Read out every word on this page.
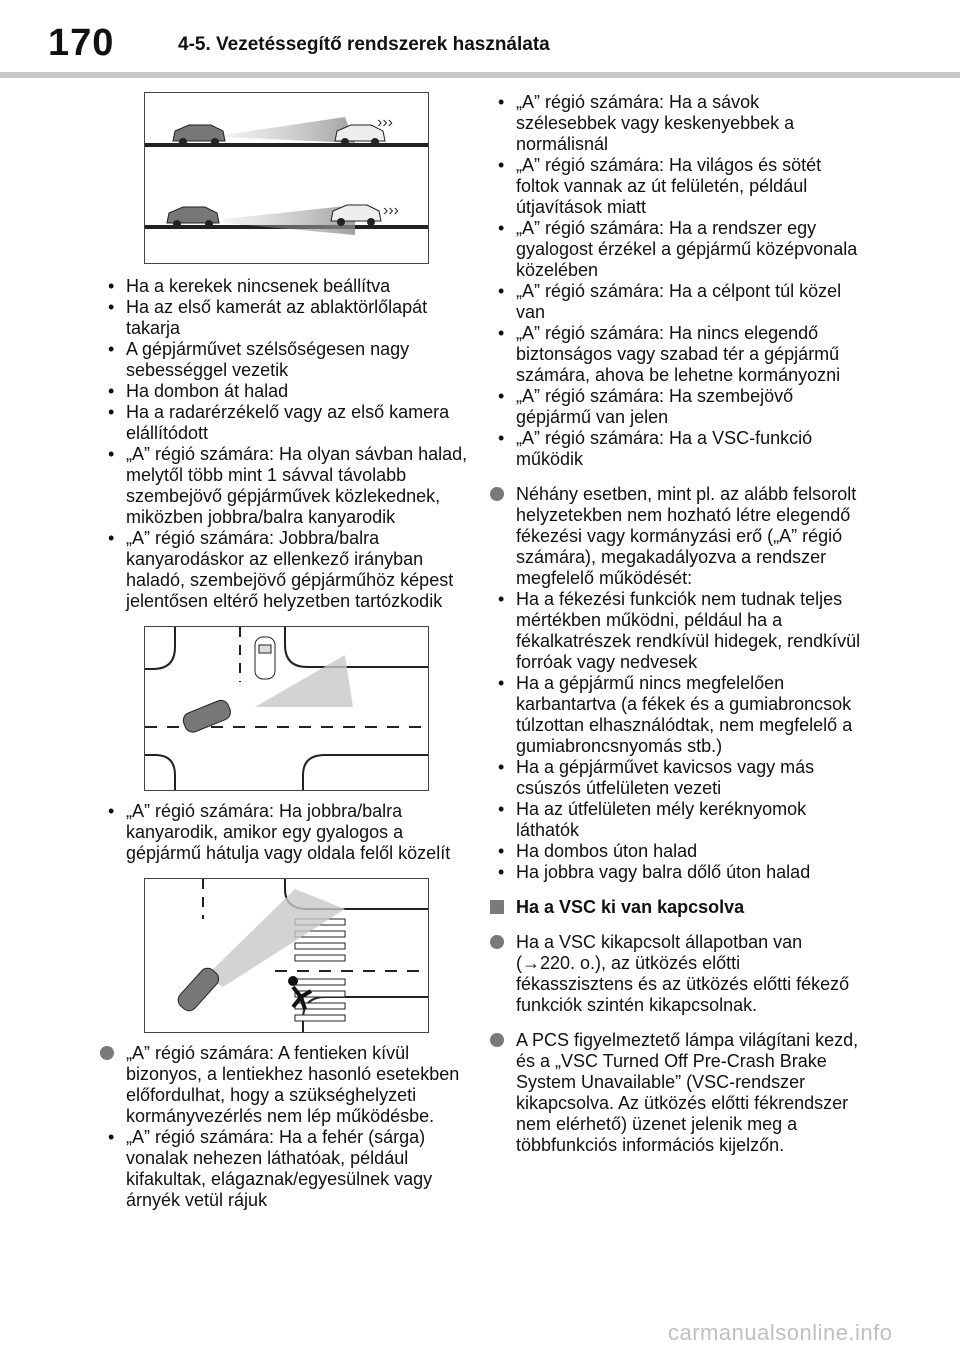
170	4-5. Vezetéssegítő rendszerek használata
›››
›››
• Ha a kerekek nincsenek beállítva
• Ha az első kamerát az ablaktörlőlapát takarja
• A gépjárművet szélsőségesen nagy sebességgel vezetik
• Ha dombon át halad
• Ha a radarérzékelő vagy az első kamera elállítódott
• „A” régió számára: Ha olyan sávban halad, melytől több mint 1 sávval távolabb szembejövő gépjárművek közlekednek, miközben jobbra/balra kanyarodik
• „A” régió számára: Jobbra/balra kanyarodáskor az ellenkező irányban haladó, szembejövő gépjárműhöz képest jelentősen eltérő helyzetben tartózkodik
• „A” régió számára: Ha jobbra/balra kanyarodik, amikor egy gyalogos a gépjármű hátulja vagy oldala felől közelít
„A” régió számára: A fentieken kívül bizonyos, a lentiekhez hasonló esetekben előfordulhat, hogy a szükséghelyzeti kormányvezérlés nem lép működésbe.
• „A” régió számára: Ha a fehér (sárga) vonalak nehezen láthatóak, például kifakultak, elágaznak/egyesülnek vagy árnyék vetül rájuk
• „A” régió számára: Ha a sávok szélesebbek vagy keskenyebbek a normálisnál
• „A” régió számára: Ha világos és sötét foltok vannak az út felületén, például útjavítások miatt
• „A” régió számára: Ha a rendszer egy gyalogost érzékel a gépjármű középvonala közelében
• „A” régió számára: Ha a célpont túl közel van
• „A” régió számára: Ha nincs elegendő biztonságos vagy szabad tér a gépjármű számára, ahova be lehetne kormányozni
• „A” régió számára: Ha szembejövő gépjármű van jelen
• „A” régió számára: Ha a VSC-funkció működik
Néhány esetben, mint pl. az alább felsorolt helyzetekben nem hozható létre elegendő fékezési vagy kormányzási erő („A” régió számára), megakadályozva a rendszer megfelelő működését:
• Ha a fékezési funkciók nem tudnak teljes mértékben működni, például ha a fékalkatrészek rendkívül hidegek, rendkívül forróak vagy nedvesek
• Ha a gépjármű nincs megfelelően karbantartva (a fékek és a gumiabroncsok túlzottan elhasználódtak, nem megfelelő a gumiabroncsnyomás stb.)
• Ha a gépjárművet kavicsos vagy más csúszós útfelületen vezeti
• Ha az útfelületen mély keréknyomok láthatók
• Ha dombos úton halad
• Ha jobbra vagy balra dőlő úton halad
Ha a VSC ki van kapcsolva
Ha a VSC kikapcsolt állapotban van (→220. o.), az ütközés előtti fékasszisztens és az ütközés előtti fékező funkciók szintén kikapcsolnak.
A PCS figyelmeztető lámpa világítani kezd, és a „VSC Turned Off Pre-Crash Brake System Unavailable” (VSC-rendszer kikapcsolva. Az ütközés előtti fékrendszer nem elérhető) üzenet jelenik meg a többfunkciós információs kijelzőn.
carmanualsonline.info
